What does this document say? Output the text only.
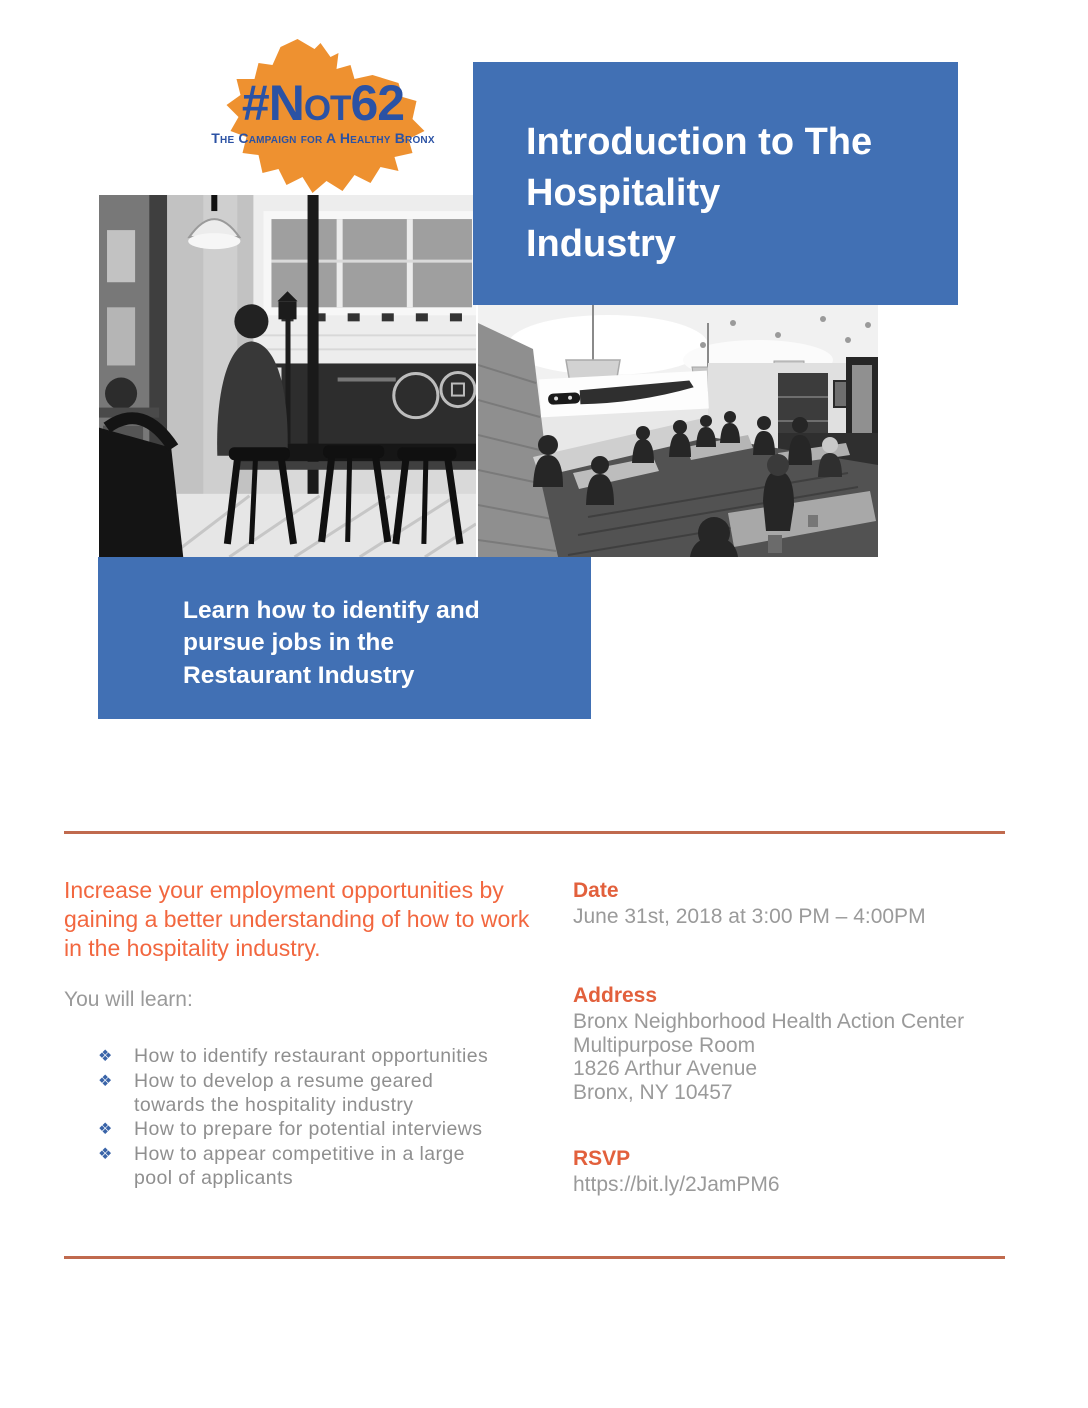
#Not62
The Campaign for A Healthy Bronx	Introduction to The Hospitality Industry
Learn how to identify and pursue jobs in the Restaurant Industry
Increase your employment opportunities by gaining a better understanding of how to work in the hospitality industry.
You will learn:
❖	How to identify restaurant opportunities
❖	How to develop a resume geared towards the hospitality industry
❖	How to prepare for potential interviews
❖	How to appear competitive in a large pool of applicants
Date
June 31st, 2018 at 3:00 PM – 4:00PM
Address
Bronx Neighborhood Health Action Center
Multipurpose Room
1826 Arthur Avenue
Bronx, NY 10457
RSVP
https://bit.ly/2JamPM6
